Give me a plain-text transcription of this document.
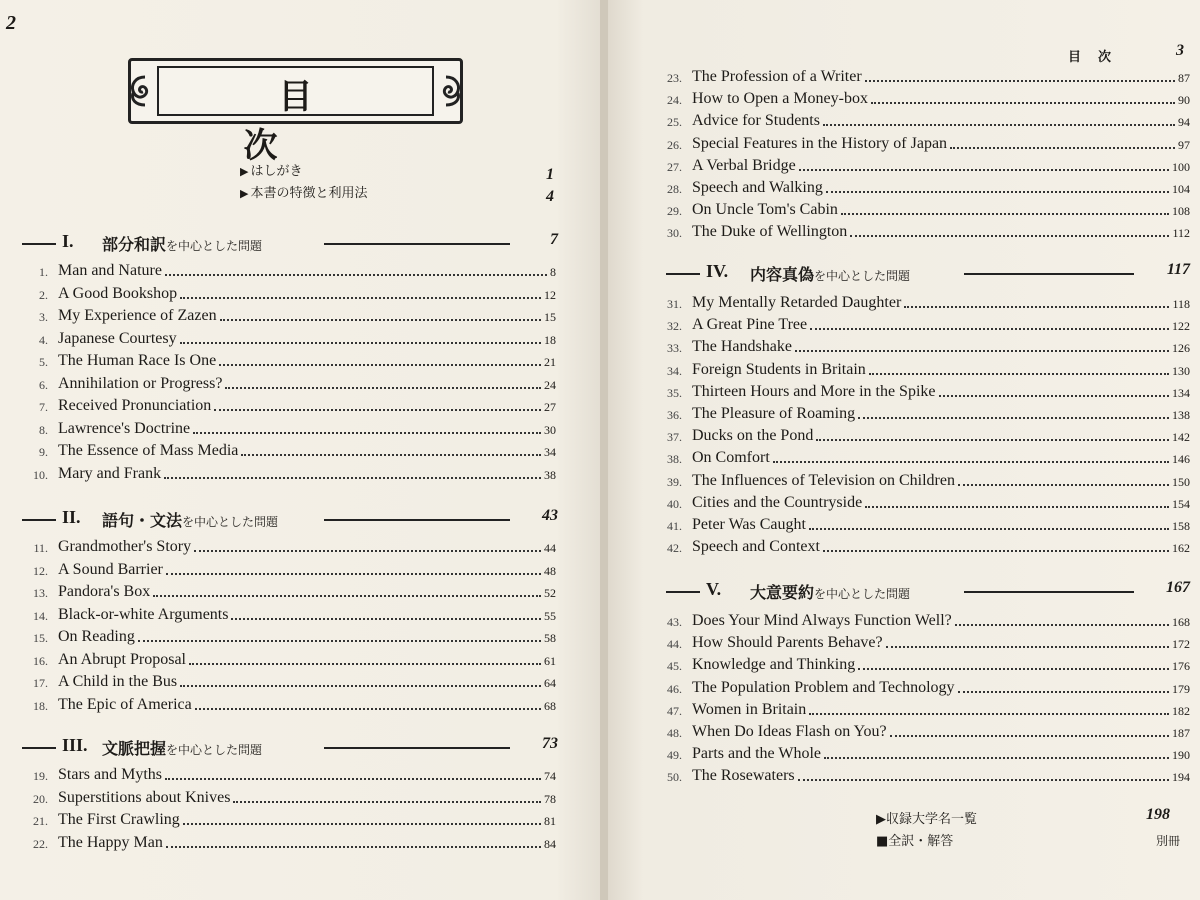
2
目　次
▶ はしがき	1
▶ 本書の特徴と利用法	4
I. 部分和訳を中心とした問題	7
1. Man and Nature	8
2. A Good Bookshop	12
3. My Experience of Zazen	15
4. Japanese Courtesy	18
5. The Human Race Is One	21
6. Annihilation or Progress?	24
7. Received Pronunciation	27
8. Lawrence's Doctrine	30
9. The Essence of Mass Media	34
10. Mary and Frank	38
II. 語句・文法を中心とした問題	43
11. Grandmother's Story	44
12. A Sound Barrier	48
13. Pandora's Box	52
14. Black-or-white Arguments	55
15. On Reading	58
16. An Abrupt Proposal	61
17. A Child in the Bus	64
18. The Epic of America	68
III. 文脈把握を中心とした問題	73
19. Stars and Myths	74
20. Superstitions about Knives	78
21. The First Crawling	81
22. The Happy Man	84
目　次	3
23. The Profession of a Writer	87
24. How to Open a Money-box	90
25. Advice for Students	94
26. Special Features in the History of Japan	97
27. A Verbal Bridge	100
28. Speech and Walking	104
29. On Uncle Tom's Cabin	108
30. The Duke of Wellington	112
IV. 内容真偽を中心とした問題	117
31. My Mentally Retarded Daughter	118
32. A Great Pine Tree	122
33. The Handshake	126
34. Foreign Students in Britain	130
35. Thirteen Hours and More in the Spike	134
36. The Pleasure of Roaming	138
37. Ducks on the Pond	142
38. On Comfort	146
39. The Influences of Television on Children	150
40. Cities and the Countryside	154
41. Peter Was Caught	158
42. Speech and Context	162
V. 大意要約を中心とした問題	167
43. Does Your Mind Always Function Well?	168
44. How Should Parents Behave?	172
45. Knowledge and Thinking	176
46. The Population Problem and Technology	179
47. Women in Britain	182
48. When Do Ideas Flash on You?	187
49. Parts and the Whole	190
50. The Rosewaters	194
▶収録大学名一覧	198
■全訳・解答	別冊
